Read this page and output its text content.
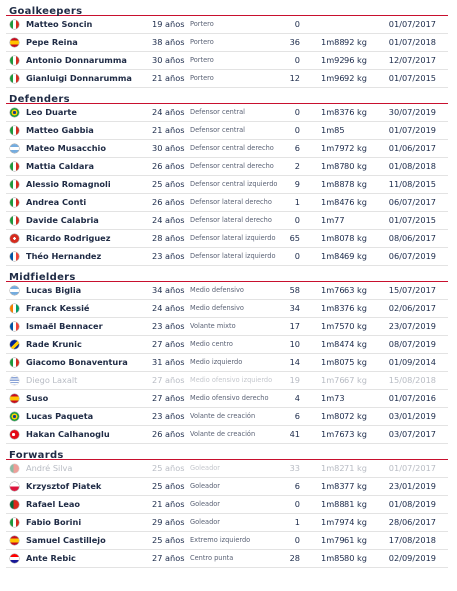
Goalkeepers
Matteo Soncin	19 años Portero	0	01/07/2017
Pepe Reina	38 años Portero	36	1m88 92 kg	01/07/2018
Antonio Donnarumma	30 años Portero	0	1m92 96 kg	12/07/2017
Gianluigi Donnarumma 21 años Portero	12	1m96 92 kg	01/07/2015
Defenders
Leo Duarte	24 años Defensor central	0	1m83 76 kg	30/07/2019
Matteo Gabbia	21 años Defensor central	0	1m85	01/07/2019
Mateo Musacchio	30 años Defensor central derecho	6	1m79 72 kg	01/06/2017
Mattia Caldara	26 años Defensor central derecho	2	1m87 80 kg	01/08/2018
Alessio Romagnoli	25 años Defensor central izquierdo	9	1m88 78 kg	11/08/2015
Andrea Conti	26 años Defensor lateral derecho	1	1m84 76 kg	06/07/2017
Davide Calabria	24 años Defensor lateral derecho	0	1m77	01/07/2015
Ricardo Rodriguez	28 años Defensor lateral izquierdo	65	1m80 78 kg	08/06/2017
Théo Hernandez	23 años Defensor lateral izquierdo	0	1m84 69 kg	06/07/2019
Midfielders
Lucas Biglia	34 años Medio defensivo	58	1m76 63 kg	15/07/2017
Franck Kessié	24 años Medio defensivo	34	1m83 76 kg	02/06/2017
Ismaël Bennacer	23 años Volante mixto	17	1m75 70 kg	23/07/2019
Rade Krunic	27 años Medio centro	10	1m84 74 kg	08/07/2019
Giacomo Bonaventura	31 años Medio izquierdo	14	1m80 75 kg	01/09/2014
Diego Laxalt	27 años Medio ofensivo izquierdo	19	1m76 67 kg	15/08/2018
Suso	27 años Medio ofensivo derecho	4	1m73	01/07/2016
Lucas Paqueta	23 años Volante de creación	6	1m80 72 kg	03/01/2019
Hakan Calhanoglu	26 años Volante de creación	41	1m76 73 kg	03/07/2017
Forwards
André Silva	25 años Goleador	33	1m82 71 kg	01/07/2017
Krzysztof Piatek	25 años Goleador	6	1m83 77 kg	23/01/2019
Rafael Leao	21 años Goleador	0	1m88 81 kg	01/08/2019
Fabio Borini	29 años Goleador	1	1m79 74 kg	28/06/2017
Samuel Castillejo	25 años Extremo izquierdo	0	1m79 61 kg	17/08/2018
Ante Rebic	27 años Centro punta	28	1m85 80 kg	02/09/2019
